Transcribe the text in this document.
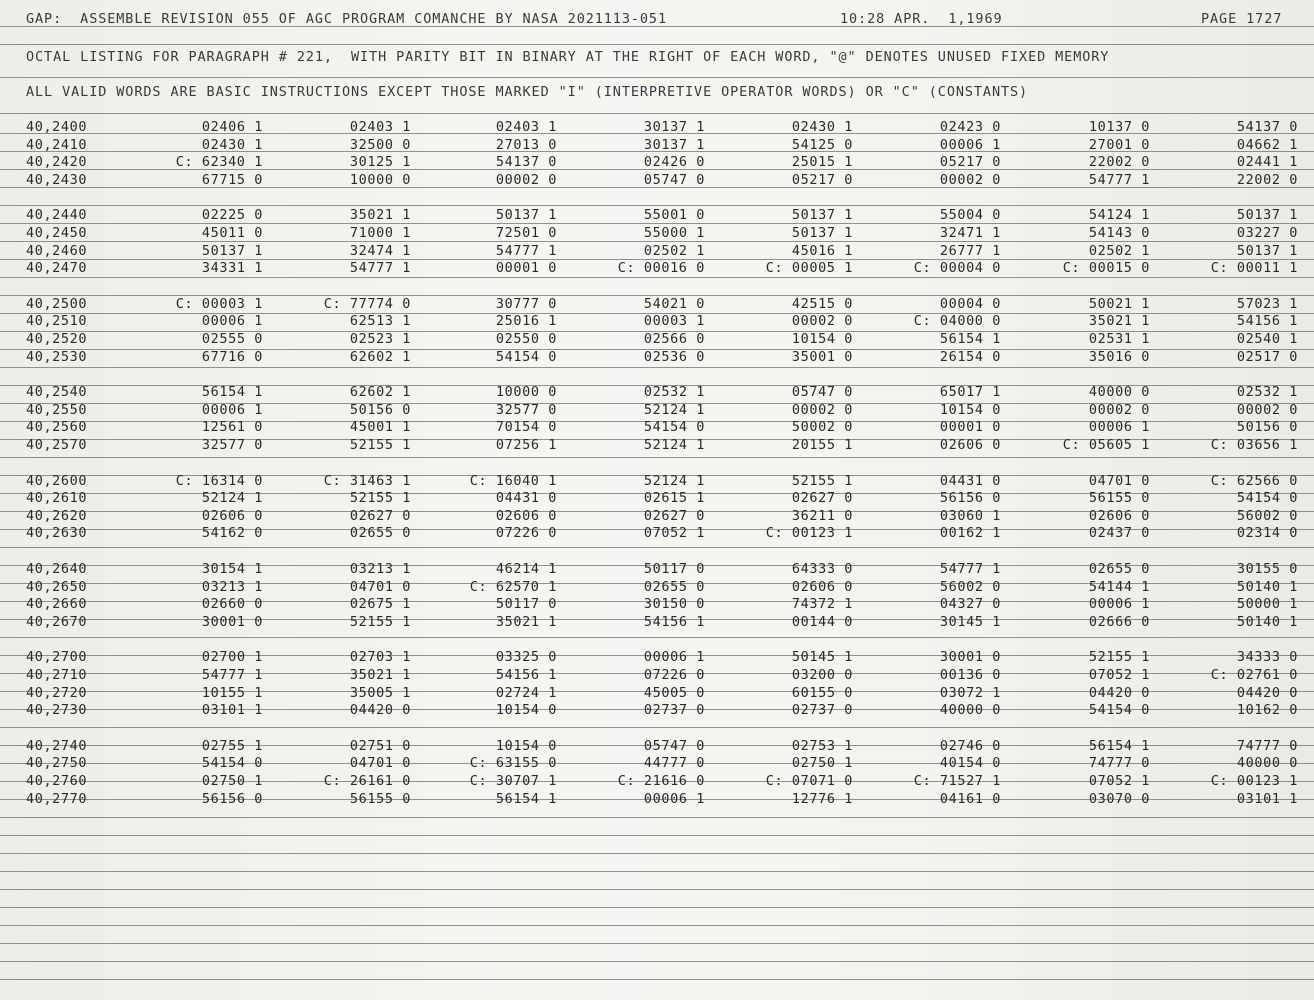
GAP:  ASSEMBLE REVISION 055 OF AGC PROGRAM COMANCHE BY NASA 2021113-051	10:28 APR.  1,1969	PAGE 1727
OCTAL LISTING FOR PARAGRAPH # 221,  WITH PARITY BIT IN BINARY AT THE RIGHT OF EACH WORD, "@" DENOTES UNUSED FIXED MEMORY
ALL VALID WORDS ARE BASIC INSTRUCTIONS EXCEPT THOSE MARKED "I" (INTERPRETIVE OPERATOR WORDS) OR "C" (CONSTANTS)
40,2400	02406 1	02403 1	02403 1	30137 1	02430 1	02423 0	10137 0	54137 0
40,2410	02430 1	32500 0	27013 0	30137 1	54125 0	00006 1	27001 0	04662 1
40,2420	C: 62340 1	30125 1	54137 0	02426 0	25015 1	05217 0	22002 0	02441 1
40,2430	67715 0	10000 0	00002 0	05747 0	05217 0	00002 0	54777 1	22002 0
40,2440	02225 0	35021 1	50137 1	55001 0	50137 1	55004 0	54124 1	50137 1
40,2450	45011 0	71000 1	72501 0	55000 1	50137 1	32471 1	54143 0	03227 0
40,2460	50137 1	32474 1	54777 1	02502 1	45016 1	26777 1	02502 1	50137 1
40,2470	34331 1	54777 1	00001 0	C: 00016 0	C: 00005 1	C: 00004 0	C: 00015 0	C: 00011 1
40,2500	C: 00003 1	C: 77774 0	30777 0	54021 0	42515 0	00004 0	50021 1	57023 1
40,2510	00006 1	62513 1	25016 1	00003 1	00002 0	C: 04000 0	35021 1	54156 1
40,2520	02555 0	02523 1	02550 0	02566 0	10154 0	56154 1	02531 1	02540 1
40,2530	67716 0	62602 1	54154 0	02536 0	35001 0	26154 0	35016 0	02517 0
40,2540	56154 1	62602 1	10000 0	02532 1	05747 0	65017 1	40000 0	02532 1
40,2550	00006 1	50156 0	32577 0	52124 1	00002 0	10154 0	00002 0	00002 0
40,2560	12561 0	45001 1	70154 0	54154 0	50002 0	00001 0	00006 1	50156 0
40,2570	32577 0	52155 1	07256 1	52124 1	20155 1	02606 0	C: 05605 1	C: 03656 1
40,2600	C: 16314 0	C: 31463 1	C: 16040 1	52124 1	52155 1	04431 0	04701 0	C: 62566 0
40,2610	52124 1	52155 1	04431 0	02615 1	02627 0	56156 0	56155 0	54154 0
40,2620	02606 0	02627 0	02606 0	02627 0	36211 0	03060 1	02606 0	56002 0
40,2630	54162 0	02655 0	07226 0	07052 1	C: 00123 1	00162 1	02437 0	02314 0
40,2640	30154 1	03213 1	46214 1	50117 0	64333 0	54777 1	02655 0	30155 0
40,2650	03213 1	04701 0	C: 62570 1	02655 0	02606 0	56002 0	54144 1	50140 1
40,2660	02660 0	02675 1	50117 0	30150 0	74372 1	04327 0	00006 1	50000 1
40,2670	30001 0	52155 1	35021 1	54156 1	00144 0	30145 1	02666 0	50140 1
40,2700	02700 1	02703 1	03325 0	00006 1	50145 1	30001 0	52155 1	34333 0
40,2710	54777 1	35021 1	54156 1	07226 0	03200 0	00136 0	07052 1	C: 02761 0
40,2720	10155 1	35005 1	02724 1	45005 0	60155 0	03072 1	04420 0	04420 0
40,2730	03101 1	04420 0	10154 0	02737 0	02737 0	40000 0	54154 0	10162 0
40,2740	02755 1	02751 0	10154 0	05747 0	02753 1	02746 0	56154 1	74777 0
40,2750	54154 0	04701 0	C: 63155 0	44777 0	02750 1	40154 0	74777 0	40000 0
40,2760	02750 1	C: 26161 0	C: 30707 1	C: 21616 0	C: 07071 0	C: 71527 1	07052 1	C: 00123 1
40,2770	56156 0	56155 0	56154 1	00006 1	12776 1	04161 0	03070 0	03101 1
